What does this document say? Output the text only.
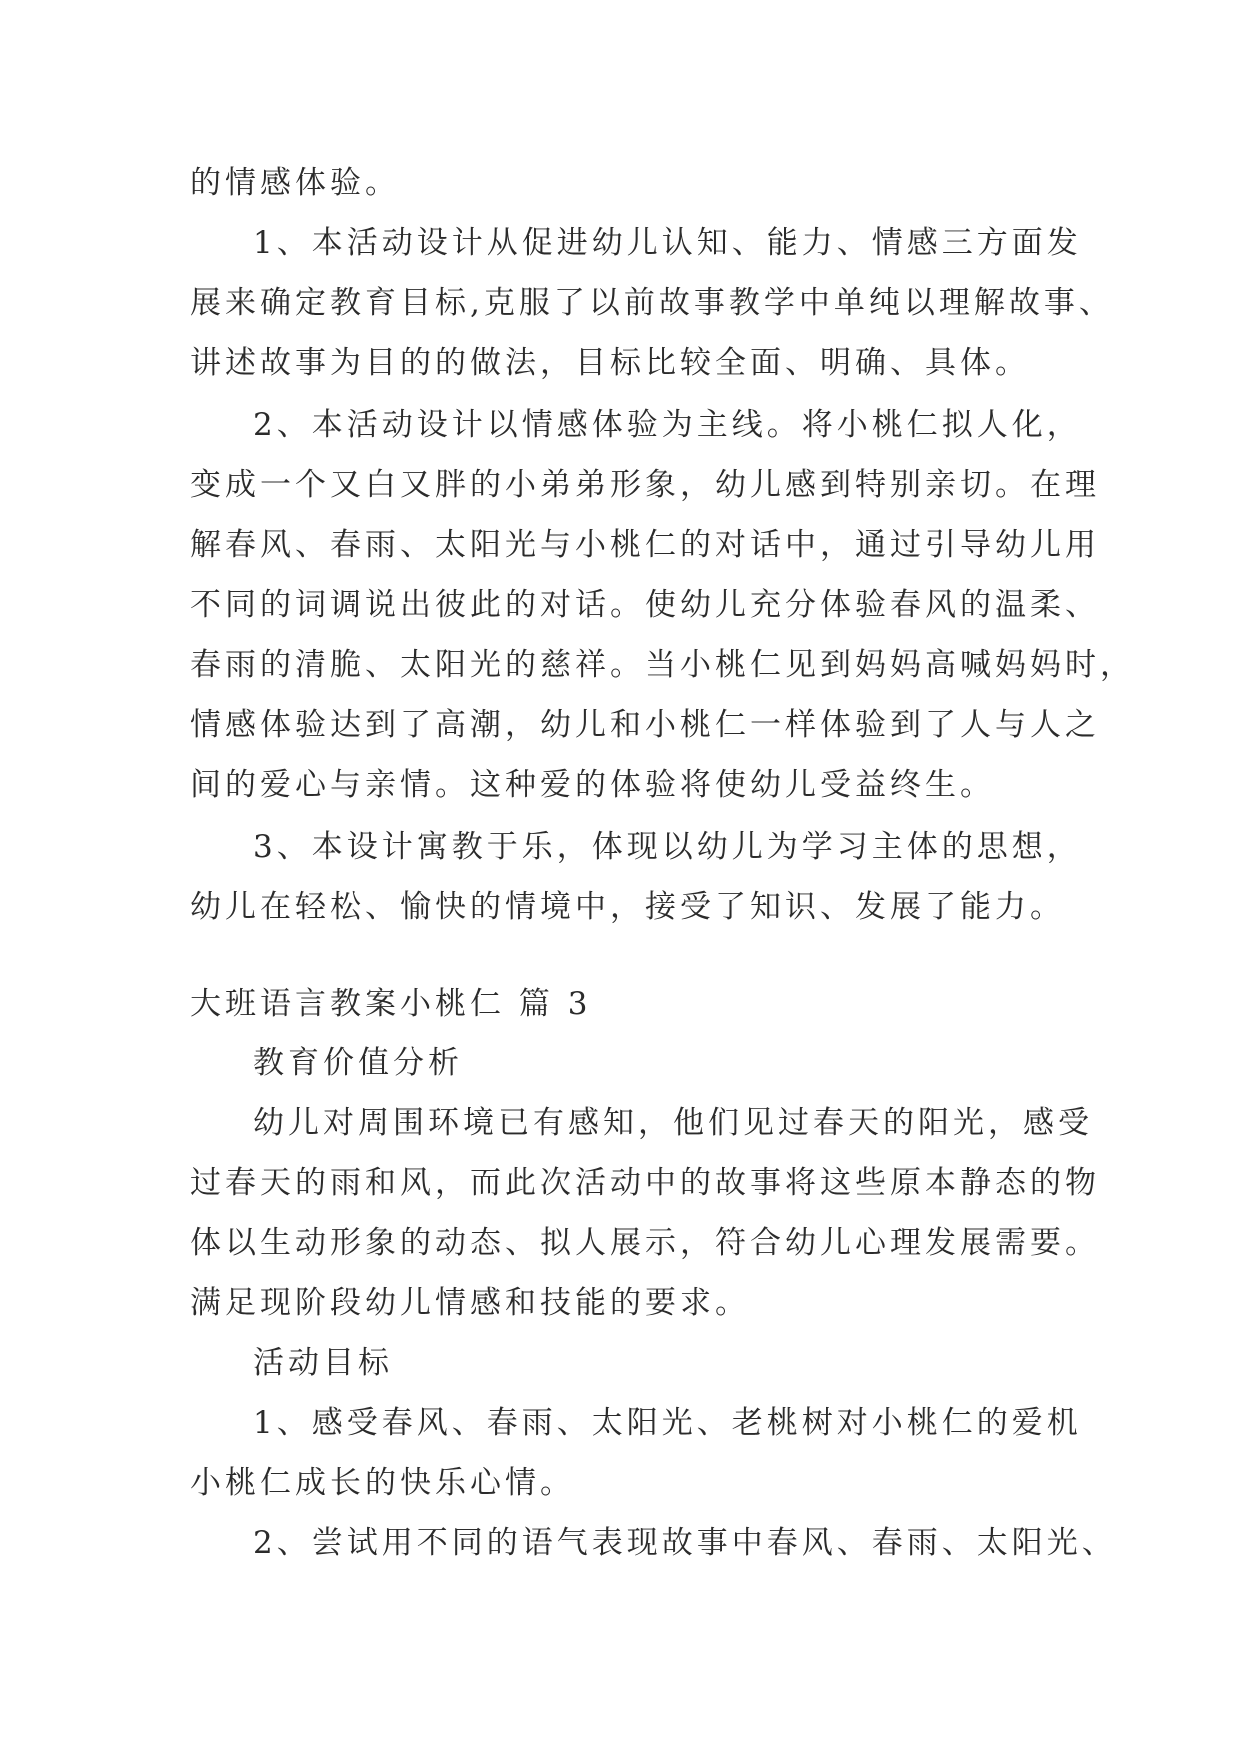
的情感体验。
1、本活动设计从促进幼儿认知、能力、情感三方面发
展来确定教育目标,克服了以前故事教学中单纯以理解故事、
讲述故事为目的的做法，目标比较全面、明确、具体。
2、本活动设计以情感体验为主线。将小桃仁拟人化，
变成一个又白又胖的小弟弟形象，幼儿感到特别亲切。在理
解春风、春雨、太阳光与小桃仁的对话中，通过引导幼儿用
不同的词调说出彼此的对话。使幼儿充分体验春风的温柔、
春雨的清脆、太阳光的慈祥。当小桃仁见到妈妈高喊妈妈时，
情感体验达到了高潮，幼儿和小桃仁一样体验到了人与人之
间的爱心与亲情。这种爱的体验将使幼儿受益终生。
3、本设计寓教于乐，体现以幼儿为学习主体的思想，
幼儿在轻松、愉快的情境中，接受了知识、发展了能力。
大班语言教案小桃仁 篇 3
教育价值分析
幼儿对周围环境已有感知，他们见过春天的阳光，感受
过春天的雨和风，而此次活动中的故事将这些原本静态的物
体以生动形象的动态、拟人展示，符合幼儿心理发展需要。
满足现阶段幼儿情感和技能的要求。
活动目标
1、感受春风、春雨、太阳光、老桃树对小桃仁的爱机
小桃仁成长的快乐心情。
2、尝试用不同的语气表现故事中春风、春雨、太阳光、
